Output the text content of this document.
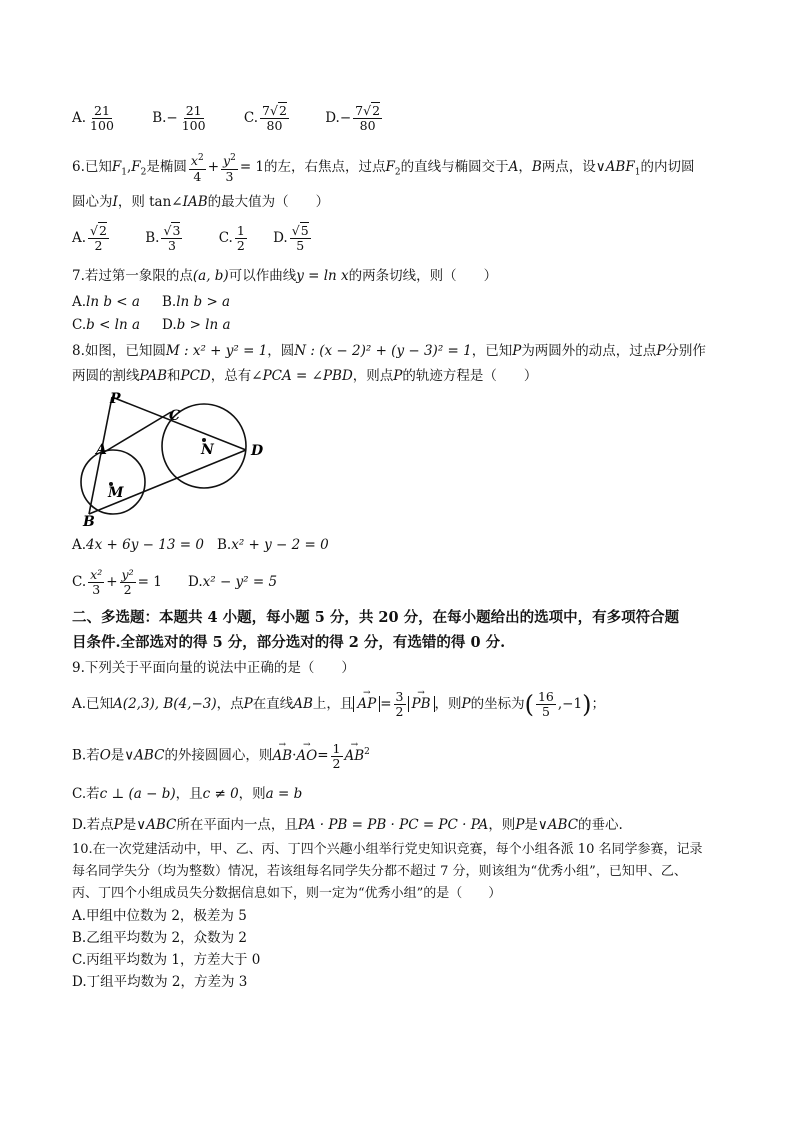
A. $\frac{21}{100}$	$B.- \frac{21}{100}$	C. $\frac{7√2}{80}$	$D.- \frac{7√2}{80}$
6.已知$F_1,F_2$是椭圆 $\frac{x^2}{4} + \frac{y^2}{3} = 1$的左，右焦点，过点$F_2$的直线与椭圆交于A，B两点，设$\vee ABF_1$的内切圆
圆心为I，则 tan∠IAB的最大值为（　　）
A. $\frac{√2}{2}$	B. $\frac{√3}{3}$	C. $\frac{1}{2} D$. $\frac{√5}{5}$
7.若过第一象限的点(a, b)可以作曲线y = ln x的两条切线，则（　　）
A.ln b < a B.ln b > a
C.b < ln a D.b > ln a
8.如图，已知圆M : x² + y² = 1，圆N : (x − 2)² + (y − 3)² = 1，已知P为两圆外的动点，过点P分别作
两圆的割线PAB和PCD，总有∠PCA = ∠PBD，则点P的轨迹方程是（　　）
P
C
A	N	D
M
B
A.4x + 6y − 13 = 0 B.x² + y − 2 = 0
C. $\frac{\text{x²}}{3} + \frac{\text{y²}}{2} = 1$ D.x² − y² = 5
二、多选题：本题共 4 小题，每小题 5 分，共 20 分，在每小题给出的选项中，有多项符合题
目条件.全部选对的得 5 分，部分选对的得 2 分，有选错的得 0 分.
9.下列关于平面向量的说法中正确的是（　　）
A.已知A(2,3), B(4,−3)，点P在直线AB上，且→ AP = $\frac{3}{2}$
→ PB ，则P的坐标为( $\frac{16}{5} ,-1$)；
B.若O是∨ABC的外接圆圆心，则→ $AB\cdot\to AO= \frac{1}{2}$
→ $AB^2$
C.若c ⊥ (a − b)，且c ≠ 0，则a = b
D.若点P是∨ABC所在平面内一点，且PA · PB = PB · PC = PC · PA，则P是∨ABC的垂心.
10.在一次党建活动中，甲、乙、丙、丁四个兴趣小组举行党史知识竞赛，每个小组各派 10 名同学参赛，记录
每名同学失分（均为整数）情况，若该组每名同学失分都不超过 7 分，则该组为“优秀小组”，已知甲、乙、
丙、丁四个小组成员失分数据信息如下，则一定为“优秀小组”的是（　　）
A.甲组中位数为 2，极差为 5
B.乙组平均数为 2，众数为 2
C.丙组平均数为 1，方差大于 0
D.丁组平均数为 2，方差为 3
